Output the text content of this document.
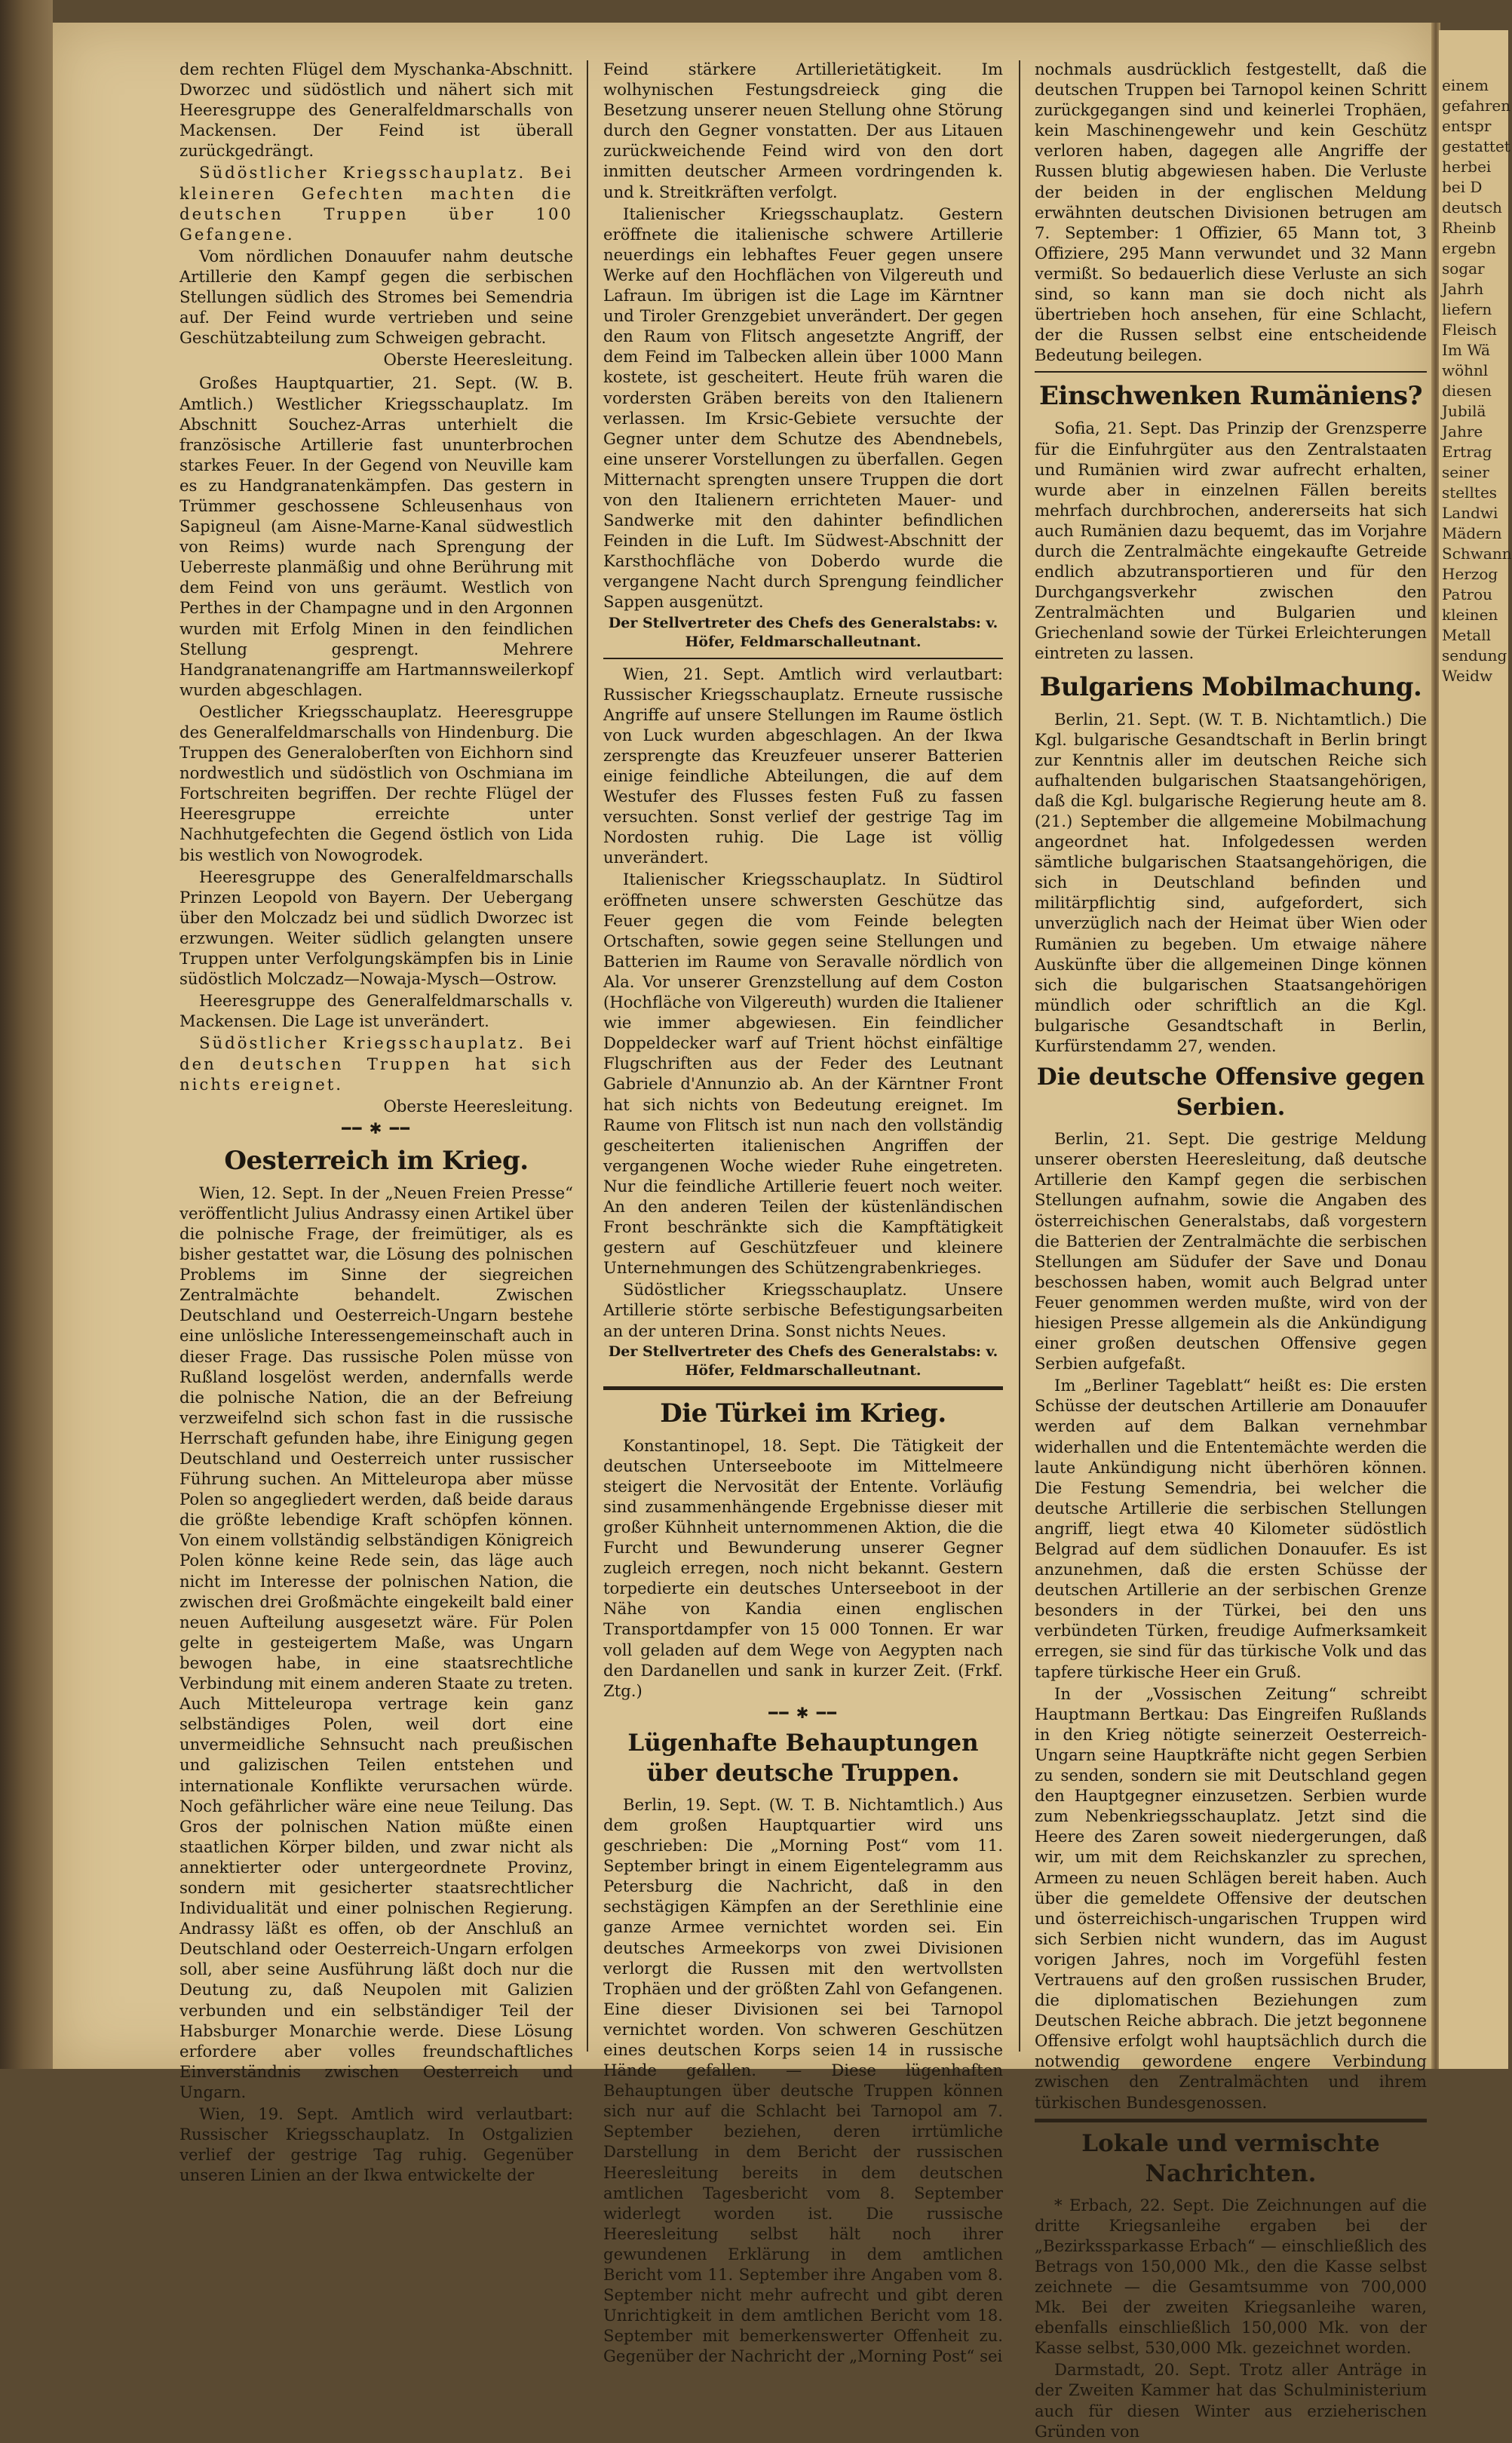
dem rechten Flügel dem Myschanka-Abschnitt. Dworzec und südöstlich und nähert sich mit Heeresgruppe des Generalfeldmarschalls von Mackensen. Der Feind ist überall zurückgedrängt.

Südöstlicher Kriegsschauplatz. Bei kleineren Gefechten machten die deutschen Truppen über 100 Gefangene.

Vom nördlichen Donauufer nahm deutsche Artillerie den Kampf gegen die serbischen Stellungen südlich des Stromes bei Semendria auf. Der Feind wurde vertrieben und seine Geschützabteilung zum Schweigen gebracht.

Oberste Heeresleitung.

Großes Hauptquartier, 21. Sept. (W. B. Amtlich.) Westlicher Kriegsschauplatz. Im Abschnitt Souchez-Arras unterhielt die französische Artillerie fast ununterbrochen starkes Feuer. In der Gegend von Neuville kam es zu Handgranatenkämpfen. Das gestern in Trümmer geschossene Schleusenhaus von Sapigneul (am Aisne-Marne-Kanal südwestlich von Reims) wurde nach Sprengung der Ueberreste planmäßig und ohne Berührung mit dem Feind von uns geräumt. Westlich von Perthes in der Champagne und in den Argonnen wurden mit Erfolg Minen in den feindlichen Stellung gesprengt. Mehrere Handgranatenangriffe am Hartmannsweilerkopf wurden abgeschlagen.

Oestlicher Kriegsschauplatz. Heeresgruppe des Generalfeldmarschalls von Hindenburg. Die Truppen des Generaloberſten von Eichhorn sind nordwestlich und südöstlich von Oschmiana im Fortschreiten begriffen. Der rechte Flügel der Heeresgruppe erreichte unter Nachhutgefechten die Gegend östlich von Lida bis westlich von Nowogrodek.

Heeresgruppe des Generalfeldmarschalls Prinzen Leopold von Bayern. Der Uebergang über den Molczadz bei und südlich Dworzec ist erzwungen. Weiter südlich gelangten unsere Truppen unter Verfolgungskämpfen bis in Linie südöstlich Molczadz—Nowaja-Mysch—Ostrow.

Heeresgruppe des Generalfeldmarschalls v. Mackensen. Die Lage ist unverändert.

Südöstlicher Kriegsschauplatz. Bei den deutschen Truppen hat sich nichts ereignet.

Oberste Heeresleitung.
━━ ✱ ━━
Oesterreich im Krieg.

Wien, 12. Sept. In der „Neuen Freien Presse“ veröffentlicht Julius Andrassy einen Artikel über die polnische Frage, der freimütiger, als es bisher gestattet war, die Lösung des polnischen Problems im Sinne der siegreichen Zentralmächte behandelt. Zwischen Deutschland und Oesterreich-Ungarn bestehe eine unlösliche Interessengemeinschaft auch in dieser Frage. Das russische Polen müsse von Rußland losgelöst werden, andernfalls werde die polnische Nation, die an der Befreiung verzweifelnd sich schon fast in die russische Herrschaft gefunden habe, ihre Einigung gegen Deutschland und Oesterreich unter russischer Führung suchen. An Mitteleuropa aber müsse Polen so angegliedert werden, daß beide daraus die größte lebendige Kraft schöpfen können. Von einem vollständig selbständigen Königreich Polen könne keine Rede sein, das läge auch nicht im Interesse der polnischen Nation, die zwischen drei Großmächte eingekeilt bald einer neuen Aufteilung ausgesetzt wäre. Für Polen gelte in gesteigertem Maße, was Ungarn bewogen habe, in eine staatsrechtliche Verbindung mit einem anderen Staate zu treten. Auch Mitteleuropa vertrage kein ganz selbständiges Polen, weil dort eine unvermeidliche Sehnsucht nach preußischen und galizischen Teilen entstehen und internationale Konflikte verursachen würde. Noch gefährlicher wäre eine neue Teilung. Das Gros der polnischen Nation müßte einen staatlichen Körper bilden, und zwar nicht als annektierter oder untergeordnete Provinz, sondern mit gesicherter staatsrechtlicher Individualität und einer polnischen Regierung. Andrassy läßt es offen, ob der Anschluß an Deutschland oder Oesterreich-Ungarn erfolgen soll, aber seine Ausführung läßt doch nur die Deutung zu, daß Neupolen mit Galizien verbunden und ein selbständiger Teil der Habsburger Monarchie werde. Diese Lösung erfordere aber volles freundschaftliches Einverständnis zwischen Oesterreich und Ungarn.

Wien, 19. Sept. Amtlich wird verlautbart: Russischer Kriegsschauplatz. In Ostgalizien verlief der gestrige Tag ruhig. Gegenüber unseren Linien an der Ikwa entwickelte der

Feind stärkere Artillerietätigkeit. Im wolhynischen Festungsdreieck ging die Besetzung unserer neuen Stellung ohne Störung durch den Gegner vonstatten. Der aus Litauen zurückweichende Feind wird von den dort inmitten deutscher Armeen vordringenden k. und k. Streitkräften verfolgt.

Italienischer Kriegsschauplatz. Gestern eröffnete die italienische schwere Artillerie neuerdings ein lebhaftes Feuer gegen unsere Werke auf den Hochflächen von Vilgereuth und Lafraun. Im übrigen ist die Lage im Kärntner und Tiroler Grenzgebiet unverändert. Der gegen den Raum von Flitsch angesetzte Angriff, der dem Feind im Talbecken allein über 1000 Mann kostete, ist gescheitert. Heute früh waren die vordersten Gräben bereits von den Italienern verlassen. Im Krsic-Gebiete versuchte der Gegner unter dem Schutze des Abendnebels, eine unserer Vorstellungen zu überfallen. Gegen Mitternacht sprengten unsere Truppen die dort von den Italienern errichteten Mauer- und Sandwerke mit den dahinter befindlichen Feinden in die Luft. Im Südwest-Abschnitt der Karsthochfläche von Doberdo wurde die vergangene Nacht durch Sprengung feindlicher Sappen ausgenützt.

Der Stellvertreter des Chefs des Generalstabs: v. Höfer, Feldmarschalleutnant.

Wien, 21. Sept. Amtlich wird verlautbart: Russischer Kriegsschauplatz. Erneute russische Angriffe auf unsere Stellungen im Raume östlich von Luck wurden abgeschlagen. An der Ikwa zersprengte das Kreuzfeuer unserer Batterien einige feindliche Abteilungen, die auf dem Westufer des Flusses festen Fuß zu fassen versuchten. Sonst verlief der gestrige Tag im Nordosten ruhig. Die Lage ist völlig unverändert.

Italienischer Kriegsschauplatz. In Südtirol eröffneten unsere schwersten Geschütze das Feuer gegen die vom Feinde belegten Ortschaften, sowie gegen seine Stellungen und Batterien im Raume von Seravalle nördlich von Ala. Vor unserer Grenzstellung auf dem Coston (Hochfläche von Vilgereuth) wurden die Italiener wie immer abgewiesen. Ein feindlicher Doppeldecker warf auf Trient höchst einfältige Flugschriften aus der Feder des Leutnant Gabriele d'Annunzio ab. An der Kärntner Front hat sich nichts von Bedeutung ereignet. Im Raume von Flitsch ist nun nach den vollständig gescheiterten italienischen Angriffen der vergangenen Woche wieder Ruhe eingetreten. Nur die feindliche Artillerie feuert noch weiter. An den anderen Teilen der küstenländischen Front beschränkte sich die Kampftätigkeit gestern auf Geschützfeuer und kleinere Unternehmungen des Schützengrabenkrieges.

Südöstlicher Kriegsschauplatz. Unsere Artillerie störte serbische Befestigungsarbeiten an der unteren Drina. Sonst nichts Neues.

Der Stellvertreter des Chefs des Generalstabs: v. Höfer, Feldmarschalleutnant.
Die Türkei im Krieg.

Konstantinopel, 18. Sept. Die Tätigkeit der deutschen Unterseeboote im Mittelmeere steigert die Nervosität der Entente. Vorläufig sind zusammenhängende Ergebnisse dieser mit großer Kühnheit unternommenen Aktion, die die Furcht und Bewunderung unserer Gegner zugleich erregen, noch nicht bekannt. Gestern torpedierte ein deutsches Unterseeboot in der Nähe von Kandia einen englischen Transportdampfer von 15 000 Tonnen. Er war voll geladen auf dem Wege von Aegypten nach den Dardanellen und sank in kurzer Zeit. (Frkf. Ztg.)

━━ ✱ ━━
Lügenhafte Behauptungen
über deutsche Truppen.

Berlin, 19. Sept. (W. T. B. Nichtamtlich.) Aus dem großen Hauptquartier wird uns geschrieben: Die „Morning Post“ vom 11. September bringt in einem Eigentelegramm aus Petersburg die Nachricht, daß in den sechstägigen Kämpfen an der Serethlinie eine ganze Armee vernichtet worden sei. Ein deutsches Armeekorps von zwei Divisionen verlorgt die Russen mit den wertvollsten Trophäen und der größten Zahl von Gefangenen. Eine dieser Divisionen sei bei Tarnopol vernichtet worden. Von schweren Geschützen eines deutschen Korps seien 14 in russische Hände gefallen. — Diese lügenhaften Behauptungen über deutsche Truppen können sich nur auf die Schlacht bei Tarnopol am 7. September beziehen, deren irrtümliche Darstellung in dem Bericht der russischen Heeresleitung bereits in dem deutschen amtlichen Tagesbericht vom 8. September widerlegt worden ist. Die russische Heeresleitung selbst hält noch ihrer gewundenen Erklärung in dem amtlichen Bericht vom 11. September ihre Angaben vom 8. September nicht mehr aufrecht und gibt deren Unrichtigkeit in dem amtlichen Bericht vom 18. September mit bemerkenswerter Offenheit zu. Gegenüber der Nachricht der „Morning Post“ sei

nochmals ausdrücklich festgestellt, daß die deutschen Truppen bei Tarnopol keinen Schritt zurückgegangen sind und keinerlei Trophäen, kein Maschinengewehr und kein Geschütz verloren haben, dagegen alle Angriffe der Russen blutig abgewiesen haben. Die Verluste der beiden in der englischen Meldung erwähnten deutschen Divisionen betrugen am 7. September: 1 Offizier, 65 Mann tot, 3 Offiziere, 295 Mann verwundet und 32 Mann vermißt. So bedauerlich diese Verluste an sich sind, so kann man sie doch nicht als übertrieben hoch ansehen, für eine Schlacht, der die Russen selbst eine entscheidende Bedeutung beilegen.

Einschwenken Rumäniens?

Sofia, 21. Sept. Das Prinzip der Grenzsperre für die Einfuhrgüter aus den Zentralstaaten und Rumänien wird zwar aufrecht erhalten, wurde aber in einzelnen Fällen bereits mehrfach durchbrochen, andererseits hat sich auch Rumänien dazu bequemt, das im Vorjahre durch die Zentralmächte eingekaufte Getreide endlich abzutransportieren und für den Durchgangsverkehr zwischen den Zentralmächten und Bulgarien und Griechenland sowie der Türkei Erleichterungen eintreten zu lassen.

Bulgariens Mobilmachung.

Berlin, 21. Sept. (W. T. B. Nichtamtlich.) Die Kgl. bulgarische Gesandtschaft in Berlin bringt zur Kenntnis aller im deutschen Reiche sich aufhaltenden bulgarischen Staatsangehörigen, daß die Kgl. bulgarische Regierung heute am 8. (21.) September die allgemeine Mobilmachung angeordnet hat. Infolgedessen werden sämtliche bulgarischen Staatsangehörigen, die sich in Deutschland befinden und militärpflichtig sind, aufgefordert, sich unverzüglich nach der Heimat über Wien oder Rumänien zu begeben. Um etwaige nähere Auskünfte über die allgemeinen Dinge können sich die bulgarischen Staatsangehörigen mündlich oder schriftlich an die Kgl. bulgarische Gesandtschaft in Berlin, Kurfürstendamm 27, wenden.

Die deutsche Offensive gegen Serbien.

Berlin, 21. Sept. Die gestrige Meldung unserer obersten Heeresleitung, daß deutsche Artillerie den Kampf gegen die serbischen Stellungen aufnahm, sowie die Angaben des österreichischen Generalstabs, daß vorgestern die Batterien der Zentralmächte die serbischen Stellungen am Südufer der Save und Donau beschossen haben, womit auch Belgrad unter Feuer genommen werden mußte, wird von der hiesigen Presse allgemein als die Ankündigung einer großen deutschen Offensive gegen Serbien aufgefaßt.

Im „Berliner Tageblatt“ heißt es: Die ersten Schüsse der deutschen Artillerie am Donauufer werden auf dem Balkan vernehmbar widerhallen und die Ententemächte werden die laute Ankündigung nicht überhören können. Die Festung Semendria, bei welcher die deutsche Artillerie die serbischen Stellungen angriff, liegt etwa 40 Kilometer südöstlich Belgrad auf dem südlichen Donauufer. Es ist anzunehmen, daß die ersten Schüsse der deutschen Artillerie an der serbischen Grenze besonders in der Türkei, bei den uns verbündeten Türken, freudige Aufmerksamkeit erregen, sie sind für das türkische Volk und das tapfere türkische Heer ein Gruß.

In der „Vossischen Zeitung“ schreibt Hauptmann Bertkau: Das Eingreifen Rußlands in den Krieg nötigte seinerzeit Oesterreich-Ungarn seine Hauptkräfte nicht gegen Serbien zu senden, sondern sie mit Deutschland gegen den Hauptgegner einzusetzen. Serbien wurde zum Nebenkriegsschauplatz. Jetzt sind die Heere des Zaren soweit niedergerungen, daß wir, um mit dem Reichskanzler zu sprechen, Armeen zu neuen Schlägen bereit haben. Auch über die gemeldete Offensive der deutschen und österreichisch-ungarischen Truppen wird sich Serbien nicht wundern, das im August vorigen Jahres, noch im Vorgefühl festen Vertrauens auf den großen russischen Bruder, die diplomatischen Beziehungen zum Deutschen Reiche abbrach. Die jetzt begonnene Offensive erfolgt wohl hauptsächlich durch die notwendig gewordene engere Verbindung zwischen den Zentralmächten und ihrem türkischen Bundesgenossen.

Lokale und vermischte Nachrichten.

* Erbach, 22. Sept. Die Zeichnungen auf die dritte Kriegsanleihe ergaben bei der „Bezirkssparkasse Erbach“ — einschließlich des Betrags von 150,000 Mk., den die Kasse selbst zeichnete — die Gesamtsumme von 700,000 Mk. Bei der zweiten Kriegsanleihe waren, ebenfalls einschließlich 150,000 Mk. von der Kasse selbst, 530,000 Mk. gezeichnet worden.

Darmstadt, 20. Sept. Trotz aller Anträge in der Zweiten Kammer hat das Schulministerium auch für diesen Winter aus erzieherischen Gründen von

einem
gefahren
entspr
gestattet
herbei
bei D
deutsch
Rheinb
ergebn
sogar
Jahrh
liefern
Fleisch
Im Wä
wöhnl
diesen
Jubilä
Jahre
Ertrag
seiner
stelltes
Landwi
Mädern
Schwann
Herzog
Patrou
kleinen
Metall
sendung
Weidw
